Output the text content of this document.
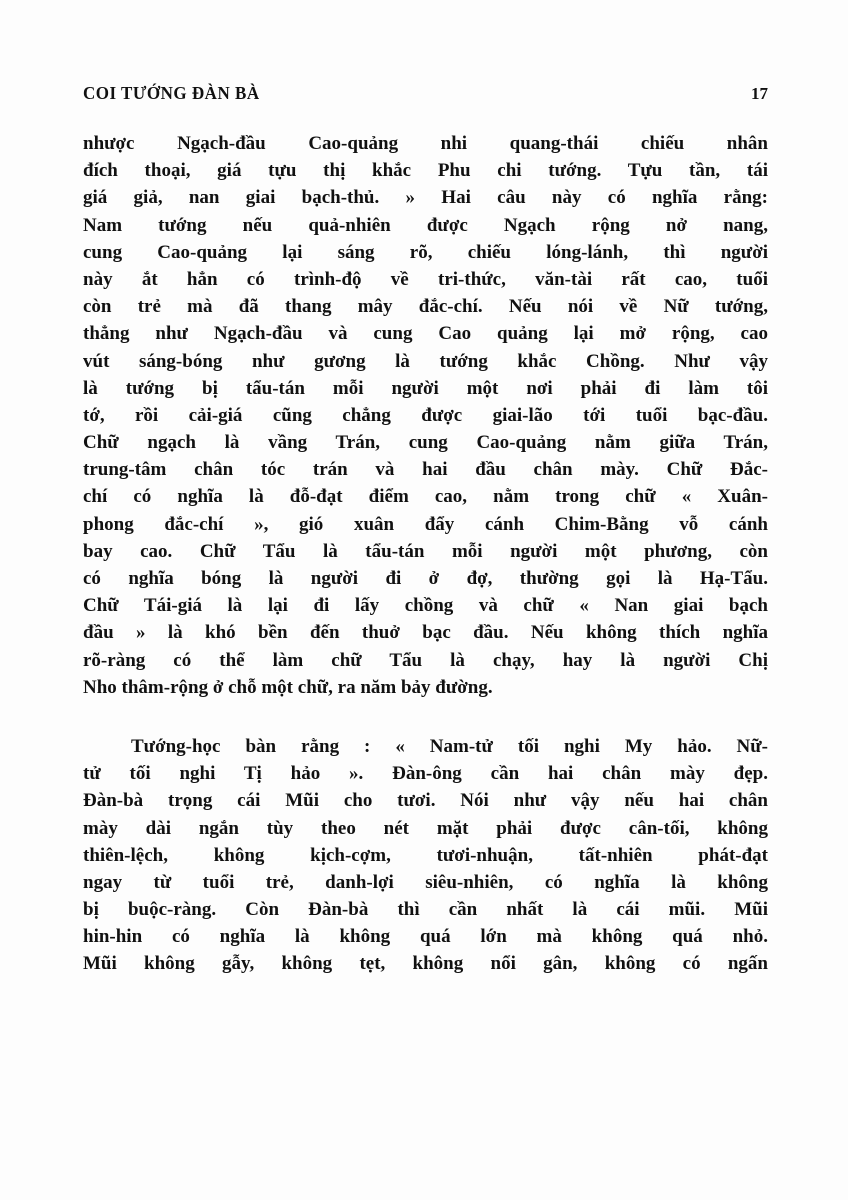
COI TƯỚNG ĐÀN BÀ	17
nhược Ngạch-đầu Cao-quảng nhi quang-thái chiếu nhân
đích thoại, giá tựu thị khắc Phu chi tướng. Tựu tần, tái
giá giả, nan giai bạch-thủ. » Hai câu này có nghĩa rằng:
Nam tướng nếu quả-nhiên được Ngạch rộng nở nang,
cung Cao-quảng lại sáng rõ, chiếu lóng-lánh, thì người
này ắt hẳn có trình-độ về tri-thức, văn-tài rất cao, tuổi
còn trẻ mà đã thang mây đắc-chí. Nếu nói về Nữ tướng,
thẳng như Ngạch-đầu và cung Cao quảng lại mở rộng, cao
vút sáng-bóng như gương là tướng khắc Chồng. Như vậy
là tướng bị tẩu-tán mỗi người một nơi phải đi làm tôi
tớ, rồi cải-giá cũng chẳng được giai-lão tới tuổi bạc-đầu.
Chữ ngạch là vầng Trán, cung Cao-quảng nằm giữa Trán,
trung-tâm chân tóc trán và hai đầu chân mày. Chữ Đắc-
chí có nghĩa là đỗ-đạt điểm cao, nằm trong chữ « Xuân-
phong đắc-chí », gió xuân đẩy cánh Chim-Bằng vỗ cánh
bay cao. Chữ Tẩu là tẩu-tán mỗi người một phương, còn
có nghĩa bóng là người đi ở đợ, thường gọi là Hạ-Tẩu.
Chữ Tái-giá là lại đi lấy chồng và chữ « Nan giai bạch
đầu » là khó bền đến thuở bạc đầu. Nếu không thích nghĩa
rõ-ràng có thể làm chữ Tẩu là chạy, hay là người Chị
Nho thâm-rộng ở chỗ một chữ, ra năm bảy đường.
Tướng-học bàn rằng : « Nam-tử tối nghi My hảo. Nữ-
tử tối nghi Tị hảo ». Đàn-ông cần hai chân mày đẹp.
Đàn-bà trọng cái Mũi cho tươi. Nói như vậy nếu hai chân
mày dài ngắn tùy theo nét mặt phải được cân-tối, không
thiên-lệch, không kịch-cợm, tươi-nhuận, tất-nhiên phát-đạt
ngay từ tuổi trẻ, danh-lợi siêu-nhiên, có nghĩa là không
bị buộc-ràng. Còn Đàn-bà thì cần nhất là cái mũi. Mũi
hin-hin có nghĩa là không quá lớn mà không quá nhỏ.
Mũi không gẫy, không tẹt, không nổi gân, không có ngấn
